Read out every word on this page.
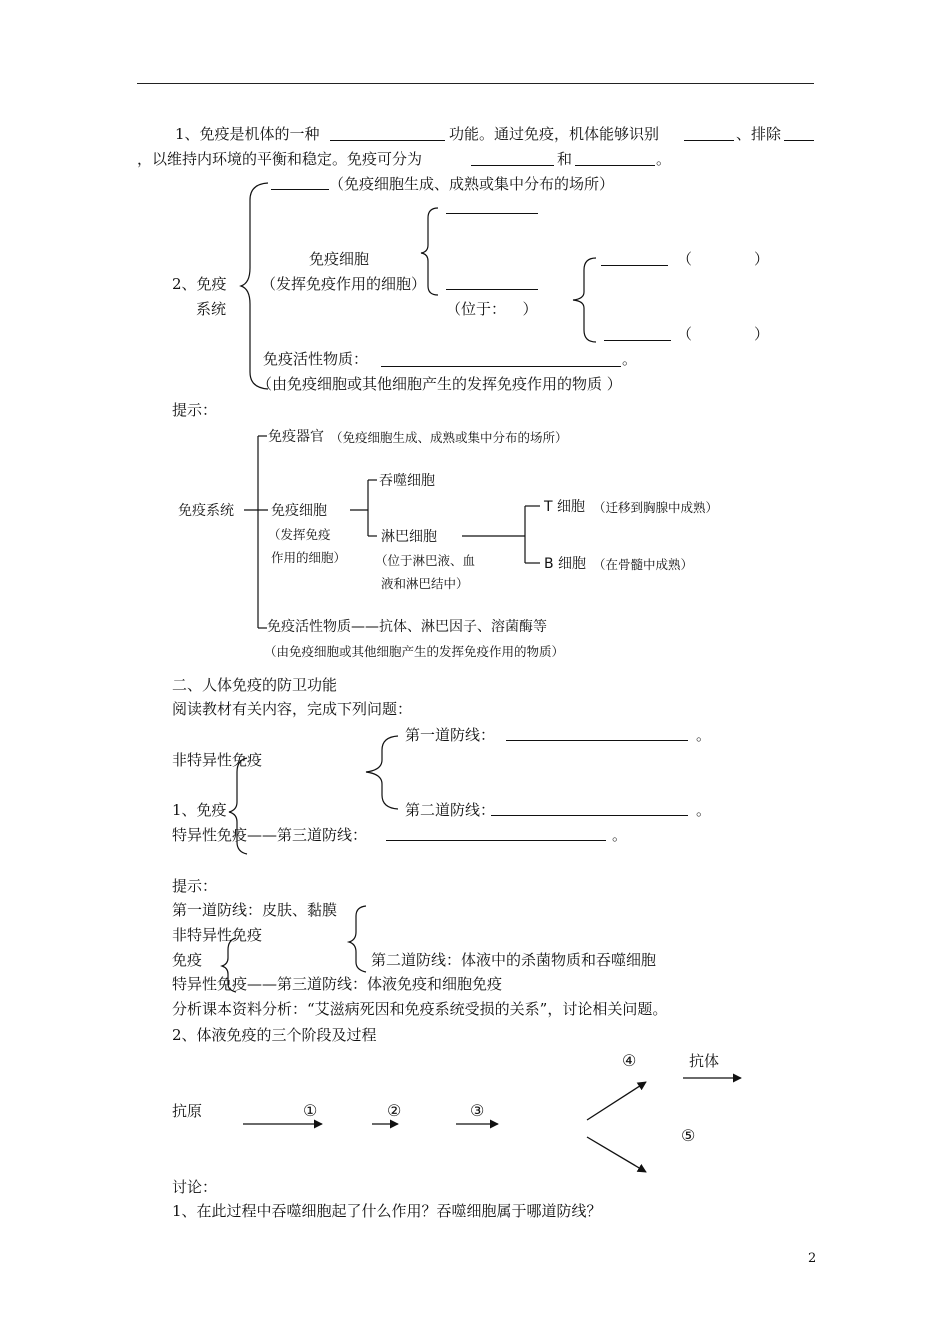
1、免疫是机体的一种	功能。通过免疫，机体能够识别	、排除
，以维持内环境的平衡和稳定。免疫可分为	和	。
（免疫细胞生成、成熟或集中分布的场所）
免疫细胞
（发挥免疫作用的细胞）
2、免疫
系统	（位于： ）
（	）
（	）
免疫活性物质：	。
（由免疫细胞或其他细胞产生的发挥免疫作用的物质 ）
提示：
免疫器官 （免疫细胞生成、成熟或集中分布的场所）
免疫系统	免疫细胞
（发挥免疫
作用的细胞）
吞噬细胞
淋巴细胞
（位于淋巴液、血
液和淋巴结中）
T 细胞 （迁移到胸腺中成熟）
B 细胞 （在骨髓中成熟）
免疫活性物质——抗体、淋巴因子、溶菌酶等
（由免疫细胞或其他细胞产生的发挥免疫作用的物质）
二、人体免疫的防卫功能
阅读教材有关内容，完成下列问题：
第一道防线：	。
非特异性免疫
1、免疫	第二道防线：	。
特异性免疫——第三道防线：	。
提示：
第一道防线：皮肤、黏膜
非特异性免疫
免疫	第二道防线：体液中的杀菌物质和吞噬细胞
特异性免疫——第三道防线：体液免疫和细胞免疫
分析课本资料分析：“艾滋病死因和免疫系统受损的关系”，讨论相关问题。
2、体液免疫的三个阶段及过程
抗原	①	②	③
④	抗体
⑤
讨论：
1、在此过程中吞噬细胞起了什么作用？吞噬细胞属于哪道防线？
2
